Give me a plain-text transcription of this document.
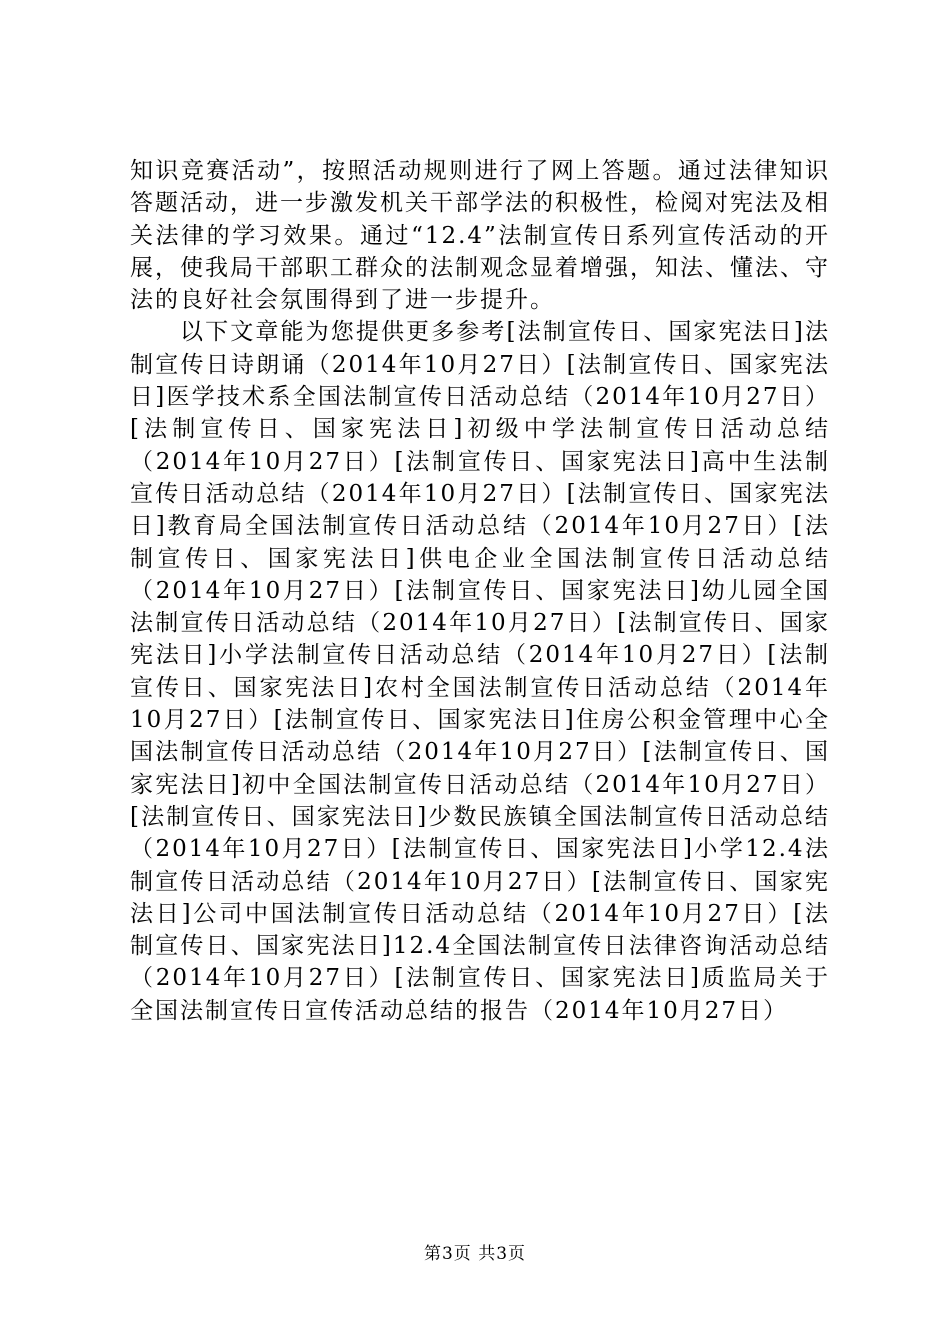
知识竞赛活动”，按照活动规则进行了网上答题。通过法律知识答题活动，进一步激发机关干部学法的积极性，检阅对宪法及相关法律的学习效果。通过“12.4”法制宣传日系列宣传活动的开展，使我局干部职工群众的法制观念显着增强，知法、懂法、守法的良好社会氛围得到了进一步提升。

以下文章能为您提供更多参考[法制宣传日、国家宪法日]法制宣传日诗朗诵（2014年10月27日）[法制宣传日、国家宪法日]医学技术系全国法制宣传日活动总结（2014年10月27日）[法制宣传日、国家宪法日]初级中学法制宣传日活动总结（2014年10月27日）[法制宣传日、国家宪法日]高中生法制宣传日活动总结（2014年10月27日）[法制宣传日、国家宪法日]教育局全国法制宣传日活动总结（2014年10月27日）[法制宣传日、国家宪法日]供电企业全国法制宣传日活动总结（2014年10月27日）[法制宣传日、国家宪法日]幼儿园全国法制宣传日活动总结（2014年10月27日）[法制宣传日、国家宪法日]小学法制宣传日活动总结（2014年10月27日）[法制宣传日、国家宪法日]农村全国法制宣传日活动总结（2014年10月27日）[法制宣传日、国家宪法日]住房公积金管理中心全国法制宣传日活动总结（2014年10月27日）[法制宣传日、国家宪法日]初中全国法制宣传日活动总结（2014年10月27日）[法制宣传日、国家宪法日]少数民族镇全国法制宣传日活动总结（2014年10月27日）[法制宣传日、国家宪法日]小学12.4法制宣传日活动总结（2014年10月27日）[法制宣传日、国家宪法日]公司中国法制宣传日活动总结（2014年10月27日）[法制宣传日、国家宪法日]12.4全国法制宣传日法律咨询活动总结（2014年10月27日）[法制宣传日、国家宪法日]质监局关于全国法制宣传日宣传活动总结的报告（2014年10月27日）

第3页 共3页
